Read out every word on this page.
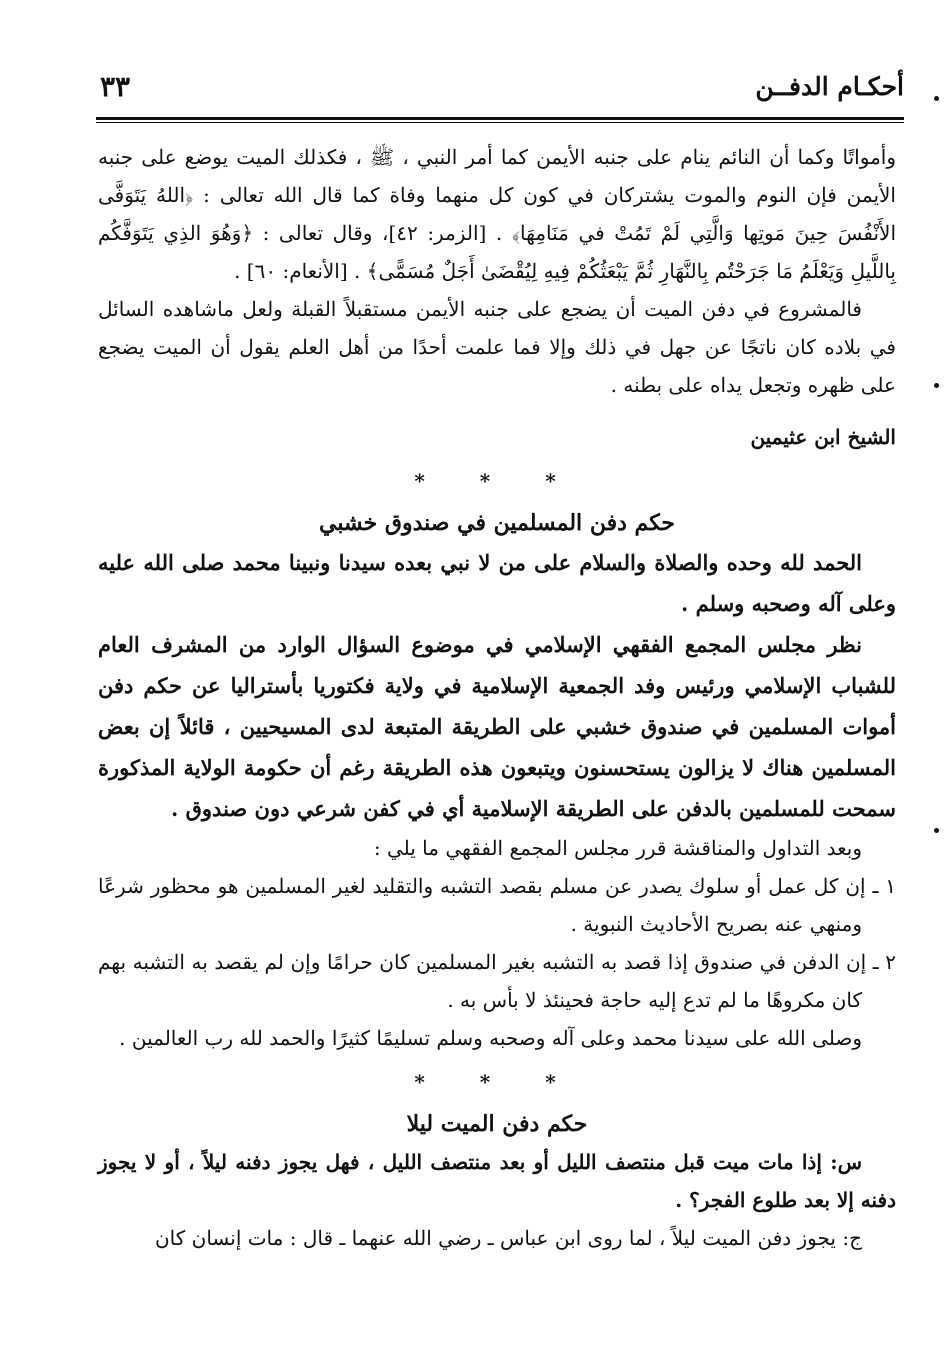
أحكـام الدفــن
٣٣

وأمواتًا وكما أن النائم ينام على جنبه الأيمن كما أمر النبي ، ﷺ ، فكذلك الميت يوضع على جنبه الأيمن فإن النوم والموت يشتركان في كون كل منهما وفاة كما قال الله تعالى : ﴿اللهُ يَتَوَفَّى الأَنْفُسَ حِينَ مَوتِها وَالَّتِي لَمْ تَمُتْ في مَنَامِهَا﴾ . [الزمر: ٤٢]، وقال تعالى : ﴿وَهُوَ الذِي يَتَوَفَّكُم بِاللَّيلِ وَيَعْلَمُ مَا جَرَحْتُم بِالنَّهَارِ ثُمَّ يَبْعَثُكُمْ فِيهِ لِيُقْضَىٰ أَجَلٌ مُسَمًّى﴾ . [الأنعام: ٦٠] .

فالمشروع في دفن الميت أن يضجع على جنبه الأيمن مستقبلاً القبلة ولعل ماشاهده السائل في بلاده كان ناتجًا عن جهل في ذلك وإلا فما علمت أحدًا من أهل العلم يقول أن الميت يضجع على ظهره وتجعل يداه على بطنه .

الشيخ ابن عثيمين

* * *

حكم دفن المسلمين في صندوق خشبي

الحمد لله وحده والصلاة والسلام على من لا نبي بعده سيدنا ونبينا محمد صلى الله عليه وعلى آله وصحبه وسلم .

نظر مجلس المجمع الفقهي الإسلامي في موضوع السؤال الوارد من المشرف العام للشباب الإسلامي ورئيس وفد الجمعية الإسلامية في ولاية فكتوريا بأستراليا عن حكم دفن أموات المسلمين في صندوق خشبي على الطريقة المتبعة لدى المسيحيين ، قائلاً إن بعض المسلمين هناك لا يزالون يستحسنون ويتبعون هذه الطريقة رغم أن حكومة الولاية المذكورة سمحت للمسلمين بالدفن على الطريقة الإسلامية أي في كفن شرعي دون صندوق .

وبعد التداول والمناقشة قرر مجلس المجمع الفقهي ما يلي :

١ ـ إن كل عمل أو سلوك يصدر عن مسلم بقصد التشبه والتقليد لغير المسلمين هو محظور شرعًا ومنهي عنه بصريح الأحاديث النبوية .

٢ ـ إن الدفن في صندوق إذا قصد به التشبه بغير المسلمين كان حرامًا وإن لم يقصد به التشبه بهم كان مكروهًا ما لم تدع إليه حاجة فحينئذ لا بأس به .

وصلى الله على سيدنا محمد وعلى آله وصحبه وسلم تسليمًا كثيرًا والحمد لله رب العالمين .

* * *

حكم دفن الميت ليلا

س: إذا مات ميت قبل منتصف الليل أو بعد منتصف الليل ، فهل يجوز دفنه ليلاً ، أو لا يجوز دفنه إلا بعد طلوع الفجر؟ .

ج: يجوز دفن الميت ليلاً ، لما روى ابن عباس ـ رضي الله عنهما ـ قال : مات إنسان كان
